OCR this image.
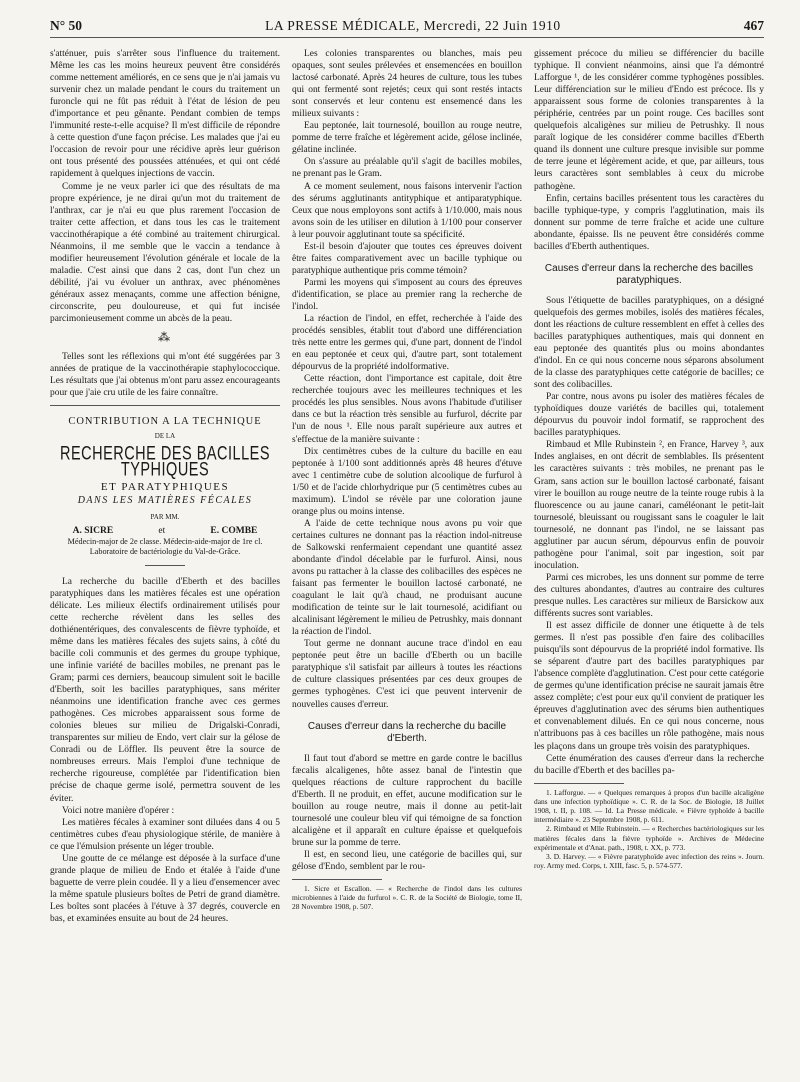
N° 50	LA PRESSE MÉDICALE, Mercredi, 22 Juin 1910	467

s'atténuer, puis s'arrêter sous l'influence du traitement. Même les cas les moins heureux peuvent être considérés comme nettement améliorés, en ce sens que je n'ai jamais vu survenir chez un malade pendant le cours du traitement un furoncle qui ne fût pas réduit à l'état de lésion de peu d'importance et peu gênante. Pendant combien de temps l'immunité reste-t-elle acquise? Il m'est difficile de répondre à cette question d'une façon précise. Les malades que j'ai eu l'occasion de revoir pour une récidive après leur guérison ont tous présenté des poussées atténuées, et qui ont cédé rapidement à quelques injections de vaccin.

Comme je ne veux parler ici que des résultats de ma propre expérience, je ne dirai qu'un mot du traitement de l'anthrax, car je n'ai eu que plus rarement l'occasion de traiter cette affection, et dans tous les cas le traitement vaccinothérapique a été combiné au traitement chirurgical. Néanmoins, il me semble que le vaccin a tendance à modifier heureusement l'évolution générale et locale de la maladie. C'est ainsi que dans 2 cas, dont l'un chez un débilité, j'ai vu évoluer un anthrax, avec phénomènes généraux assez menaçants, comme une affection bénigne, circonscrite, peu douloureuse, et qui fut incisée parcimonieusement comme un abcès de la peau.

⁂

Telles sont les réflexions qui m'ont été suggérées par 3 années de pratique de la vaccinothérapie staphylococcique. Les résultats que j'ai obtenus m'ont paru assez encourageants pour que j'aie cru utile de les faire connaître.

CONTRIBUTION A LA TECHNIQUE
DE LA
RECHERCHE DES BACILLES TYPHIQUES
ET PARATYPHIQUES
DANS LES MATIÈRES FÉCALES
PAR MM.
A. SICRE	et	E. COMBE
Médecin-major de 2e classe. Médecin-aide-major de 1re cl. Laboratoire de bactériologie du Val-de-Grâce.

La recherche du bacille d'Eberth et des bacilles paratyphiques dans les matières fécales est une opération délicate. Les milieux électifs ordinairement utilisés pour cette recherche révèlent dans les selles des dothiénentériques, des convalescents de fièvre typhoïde, et même dans les matières fécales des sujets sains, à côté du bacille coli communis et des germes du groupe typhique, une infinie variété de bacilles mobiles, ne prenant pas le Gram; parmi ces derniers, beaucoup simulent soit le bacille d'Eberth, soit les bacilles paratyphiques, sans mériter néanmoins une identification franche avec ces germes pathogènes. Ces microbes apparaissent sous forme de colonies bleues sur milieu de Drigalski-Conradi, transparentes sur milieu de Endo, vert clair sur la gélose de Conradi ou de Löffler. Ils peuvent être la source de nombreuses erreurs. Mais l'emploi d'une technique de recherche rigoureuse, complétée par l'identification bien précise de chaque germe isolé, permettra souvent de les éviter.

Voici notre manière d'opérer :

Les matières fécales à examiner sont diluées dans 4 ou 5 centimètres cubes d'eau physiologique stérile, de manière à ce que l'émulsion présente un léger trouble.

Une goutte de ce mélange est déposée à la surface d'une grande plaque de milieu de Endo et étalée à l'aide d'une baguette de verre plein coudée. Il y a lieu d'ensemencer avec la même spatule plusieurs boîtes de Petri de grand diamètre. Les boîtes sont placées à l'étuve à 37 degrés, couvercle en bas, et examinées ensuite au bout de 24 heures.

Les colonies transparentes ou blanches, mais peu opaques, sont seules prélevées et ensemencées en bouillon lactosé carbonaté. Après 24 heures de culture, tous les tubes qui ont fermenté sont rejetés; ceux qui sont restés intacts sont conservés et leur contenu est ensemencé dans les milieux suivants :

Eau peptonée, lait tournesolé, bouillon au rouge neutre, pomme de terre fraîche et légèrement acide, gélose inclinée, gélatine inclinée.

On s'assure au préalable qu'il s'agit de bacilles mobiles, ne prenant pas le Gram.

A ce moment seulement, nous faisons intervenir l'action des sérums agglutinants antityphique et antiparatyphique. Ceux que nous employons sont actifs à 1/10.000, mais nous avons soin de les utiliser en dilution à 1/100 pour conserver à leur pouvoir agglutinant toute sa spécificité.

Est-il besoin d'ajouter que toutes ces épreuves doivent être faites comparativement avec un bacille typhique ou paratyphique authentique pris comme témoin?

Parmi les moyens qui s'imposent au cours des épreuves d'identification, se place au premier rang la recherche de l'indol.

La réaction de l'indol, en effet, recherchée à l'aide des procédés sensibles, établit tout d'abord une différenciation très nette entre les germes qui, d'une part, donnent de l'indol en eau peptonée et ceux qui, d'autre part, sont totalement dépourvus de la propriété indolformative.

Cette réaction, dont l'importance est capitale, doit être recherchée toujours avec les meilleures techniques et les procédés les plus sensibles. Nous avons l'habitude d'utiliser dans ce but la réaction très sensible au furfurol, décrite par l'un de nous ¹. Elle nous paraît supérieure aux autres et s'effectue de la manière suivante :

Dix centimètres cubes de la culture du bacille en eau peptonée à 1/100 sont additionnés après 48 heures d'étuve avec 1 centimètre cube de solution alcoolique de furfurol à 1/50 et de l'acide chlorhydrique pur (5 centimètres cubes au maximum). L'indol se révèle par une coloration jaune orange plus ou moins intense.

A l'aide de cette technique nous avons pu voir que certaines cultures ne donnant pas la réaction indol-nitreuse de Salkowski renfermaient cependant une quantité assez abondante d'indol décelable par le furfurol. Ainsi, nous avons pu rattacher à la classe des colibacilles des espèces ne faisant pas fermenter le bouillon lactosé carbonaté, ne coagulant le lait qu'à chaud, ne produisant aucune modification de teinte sur le lait tournesolé, acidifiant ou alcalinisant légèrement le milieu de Petrushky, mais donnant la réaction de l'indol.

Tout germe ne donnant aucune trace d'indol en eau peptonée peut être un bacille d'Eberth ou un bacille paratyphique s'il satisfait par ailleurs à toutes les réactions de culture classiques présentées par ces deux groupes de germes typhogènes. C'est ici que peuvent intervenir de nouvelles causes d'erreur.

Causes d'erreur dans la recherche du bacille d'Eberth.

Il faut tout d'abord se mettre en garde contre le bacillus fæcalis alcaligenes, hôte assez banal de l'intestin que quelques réactions de culture rapprochent du bacille d'Eberth. Il ne produit, en effet, aucune modification sur le bouillon au rouge neutre, mais il donne au petit-lait tournesolé une couleur bleu vif qui témoigne de sa fonction alcaligène et il apparaît en culture épaisse et quelquefois brune sur la pomme de terre.

Il est, en second lieu, une catégorie de bacilles qui, sur gélose d'Endo, semblent par le rou-

1. Sicre et Escallon. — « Recherche de l'indol dans les cultures microbiennes à l'aide du furfurol ». C. R. de la Société de Biologie, tome II, 28 Novembre 1908, p. 507.

gissement précoce du milieu se différencier du bacille typhique. Il convient néanmoins, ainsi que l'a démontré Lafforgue ¹, de les considérer comme typhogènes possibles. Leur différenciation sur le milieu d'Endo est précoce. Ils y apparaissent sous forme de colonies transparentes à la périphérie, centrées par un point rouge. Ces bacilles sont quelquefois alcaligènes sur milieu de Petrushky. Il nous paraît logique de les considérer comme bacilles d'Eberth quand ils donnent une culture presque invisible sur pomme de terre jeune et légèrement acide, et que, par ailleurs, tous leurs caractères sont semblables à ceux du microbe pathogène.

Enfin, certains bacilles présentent tous les caractères du bacille typhique-type, y compris l'agglutination, mais ils donnent sur pomme de terre fraîche et acide une culture abondante, épaisse. Ils ne peuvent être considérés comme bacilles d'Eberth authentiques.

Causes d'erreur dans la recherche des bacilles paratyphiques.

Sous l'étiquette de bacilles paratyphiques, on a désigné quelquefois des germes mobiles, isolés des matières fécales, dont les réactions de culture ressemblent en effet à celles des bacilles paratyphiques authentiques, mais qui donnent en eau peptonée des quantités plus ou moins abondantes d'indol. En ce qui nous concerne nous séparons absolument de la classe des paratyphiques cette catégorie de bacilles; ce sont des colibacilles.

Par contre, nous avons pu isoler des matières fécales de typhoïdiques douze variétés de bacilles qui, totalement dépourvus du pouvoir indol formatif, se rapprochent des bacilles paratyphiques.

Rimbaud et Mlle Rubinstein ², en France, Harvey ³, aux Indes anglaises, en ont décrit de semblables. Ils présentent les caractères suivants : très mobiles, ne prenant pas le Gram, sans action sur le bouillon lactosé carbonaté, faisant virer le bouillon au rouge neutre de la teinte rouge rubis à la fluorescence ou au jaune canari, caméléonant le petit-lait tournesolé, bleuissant ou rougissant sans le coaguler le lait tournesolé, ne donnant pas l'indol, ne se laissant pas agglutiner par aucun sérum, dépourvus enfin de pouvoir pathogène pour l'animal, soit par ingestion, soit par inoculation.

Parmi ces microbes, les uns donnent sur pomme de terre des cultures abondantes, d'autres au contraire des cultures presque nulles. Les caractères sur milieux de Barsickow aux différents sucres sont variables.

Il est assez difficile de donner une étiquette à de tels germes. Il n'est pas possible d'en faire des colibacilles puisqu'ils sont dépourvus de la propriété indol formative. Ils se séparent d'autre part des bacilles paratyphiques par l'absence complète d'agglutination. C'est pour cette catégorie de germes qu'une identification précise ne saurait jamais être assez complète; c'est pour eux qu'il convient de pratiquer les épreuves d'agglutination avec des sérums bien authentiques et convenablement dilués. En ce qui nous concerne, nous n'attribuons pas à ces bacilles un rôle pathogène, mais nous les plaçons dans un groupe très voisin des paratyphiques.

Cette énumération des causes d'erreur dans la recherche du bacille d'Eberth et des bacilles pa-

1. Lafforgue. — « Quelques remarques à propos d'un bacille alcaligène dans une infection typhoïdique ». C. R. de la Soc. de Biologie, 18 Juillet 1908, t. II, p. 108. — Id. La Presse médicale. « Fièvre typhoïde à bacille intermédiaire ». 23 Septembre 1908, p. 611.

2. Rimbaud et Mlle Rubinstein. — « Recherches bactériologiques sur les matières fécales dans la fièvre typhoïde ». Archives de Médecine expérimentale et d'Anat. path., 1908, t. XX, p. 773.

3. D. Harvey. — « Fièvre paratyphoïde avec infection des reins ». Journ. roy. Army med. Corps, t. XIII, fasc. 5, p. 574-577.
